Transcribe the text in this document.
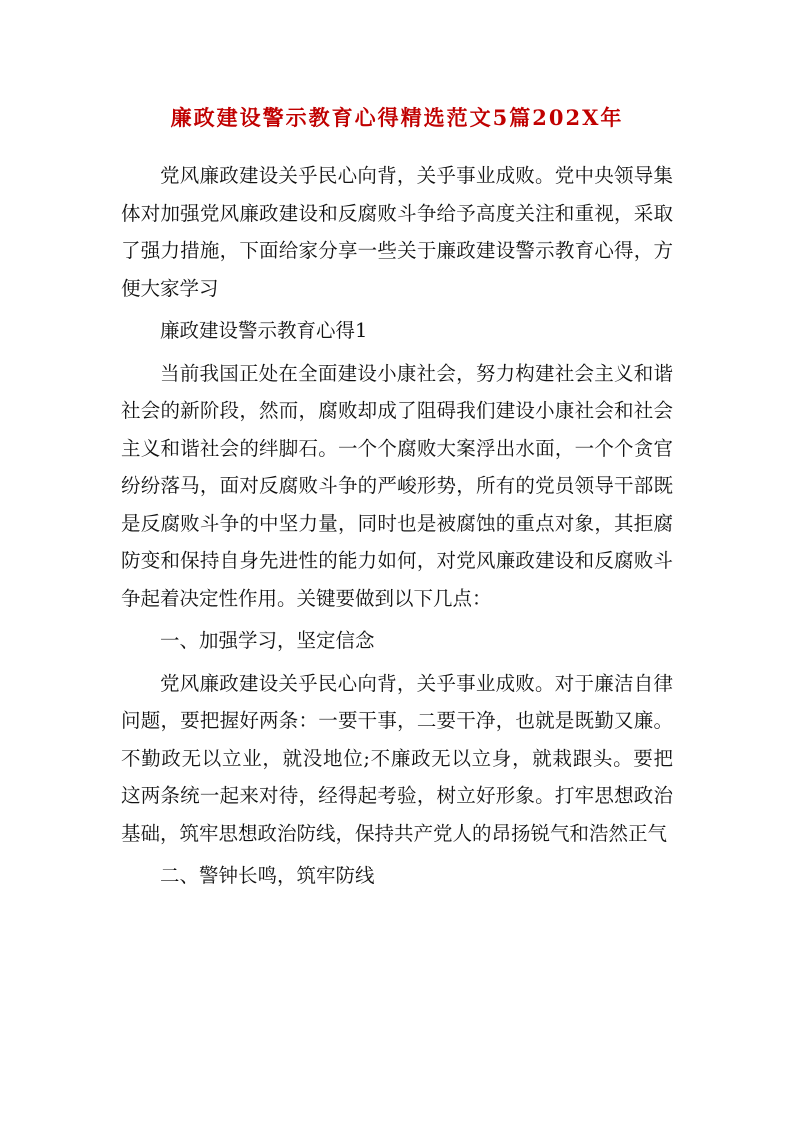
廉政建设警示教育心得精选范文5篇202X年

党风廉政建设关乎民心向背，关乎事业成败。党中央领导集体对加强党风廉政建设和反腐败斗争给予高度关注和重视，采取了强力措施，下面给家分享一些关于廉政建设警示教育心得，方便大家学习

廉政建设警示教育心得1

当前我国正处在全面建设小康社会，努力构建社会主义和谐社会的新阶段，然而，腐败却成了阻碍我们建设小康社会和社会主义和谐社会的绊脚石。一个个腐败大案浮出水面，一个个贪官纷纷落马，面对反腐败斗争的严峻形势，所有的党员领导干部既是反腐败斗争的中坚力量，同时也是被腐蚀的重点对象，其拒腐防变和保持自身先进性的能力如何，对党风廉政建设和反腐败斗争起着决定性作用。关键要做到以下几点：

一、加强学习，坚定信念

党风廉政建设关乎民心向背，关乎事业成败。对于廉洁自律问题，要把握好两条：一要干事，二要干净，也就是既勤又廉。不勤政无以立业，就没地位;不廉政无以立身，就栽跟头。要把这两条统一起来对待，经得起考验，树立好形象。打牢思想政治基础，筑牢思想政治防线，保持共产党人的昂扬锐气和浩然正气

二、警钟长鸣，筑牢防线
